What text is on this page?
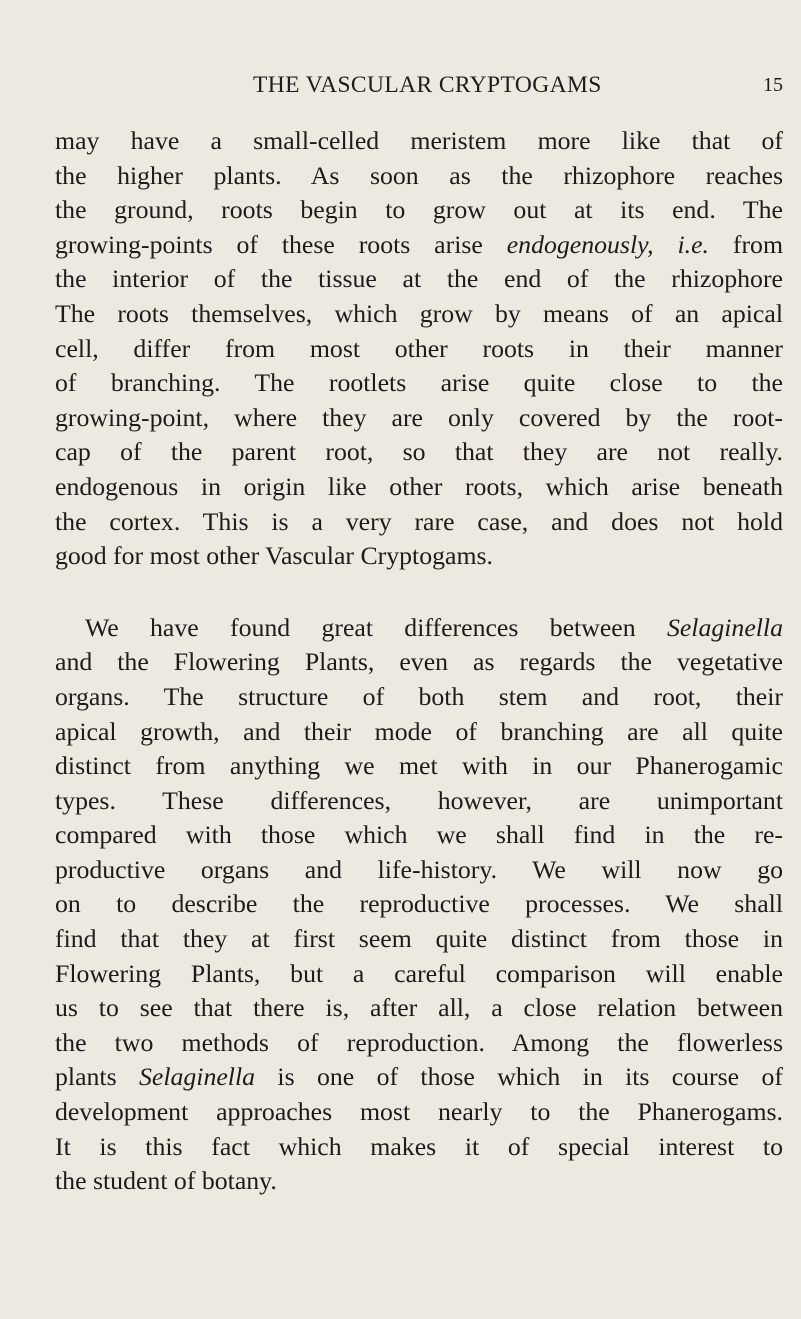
THE VASCULAR CRYPTOGAMS	15
may have a small-celled meristem more like that of
the higher plants. As soon as the rhizophore reaches
the ground, roots begin to grow out at its end. The
growing-points of these roots arise endogenously, i.e. from
the interior of the tissue at the end of the rhizophore
The roots themselves, which grow by means of an apical
cell, differ from most other roots in their manner
of branching. The rootlets arise quite close to the
growing-point, where they are only covered by the root-
cap of the parent root, so that they are not really.
endogenous in origin like other roots, which arise beneath
the cortex. This is a very rare case, and does not hold
good for most other Vascular Cryptogams.
We have found great differences between Selaginella
and the Flowering Plants, even as regards the vegetative
organs. The structure of both stem and root, their
apical growth, and their mode of branching are all quite
distinct from anything we met with in our Phanerogamic
types. These differences, however, are unimportant
compared with those which we shall find in the re-
productive organs and life-history. We will now go
on to describe the reproductive processes. We shall
find that they at first seem quite distinct from those in
Flowering Plants, but a careful comparison will enable
us to see that there is, after all, a close relation between
the two methods of reproduction. Among the flowerless
plants Selaginella is one of those which in its course of
development approaches most nearly to the Phanerogams.
It is this fact which makes it of special interest to
the student of botany.
